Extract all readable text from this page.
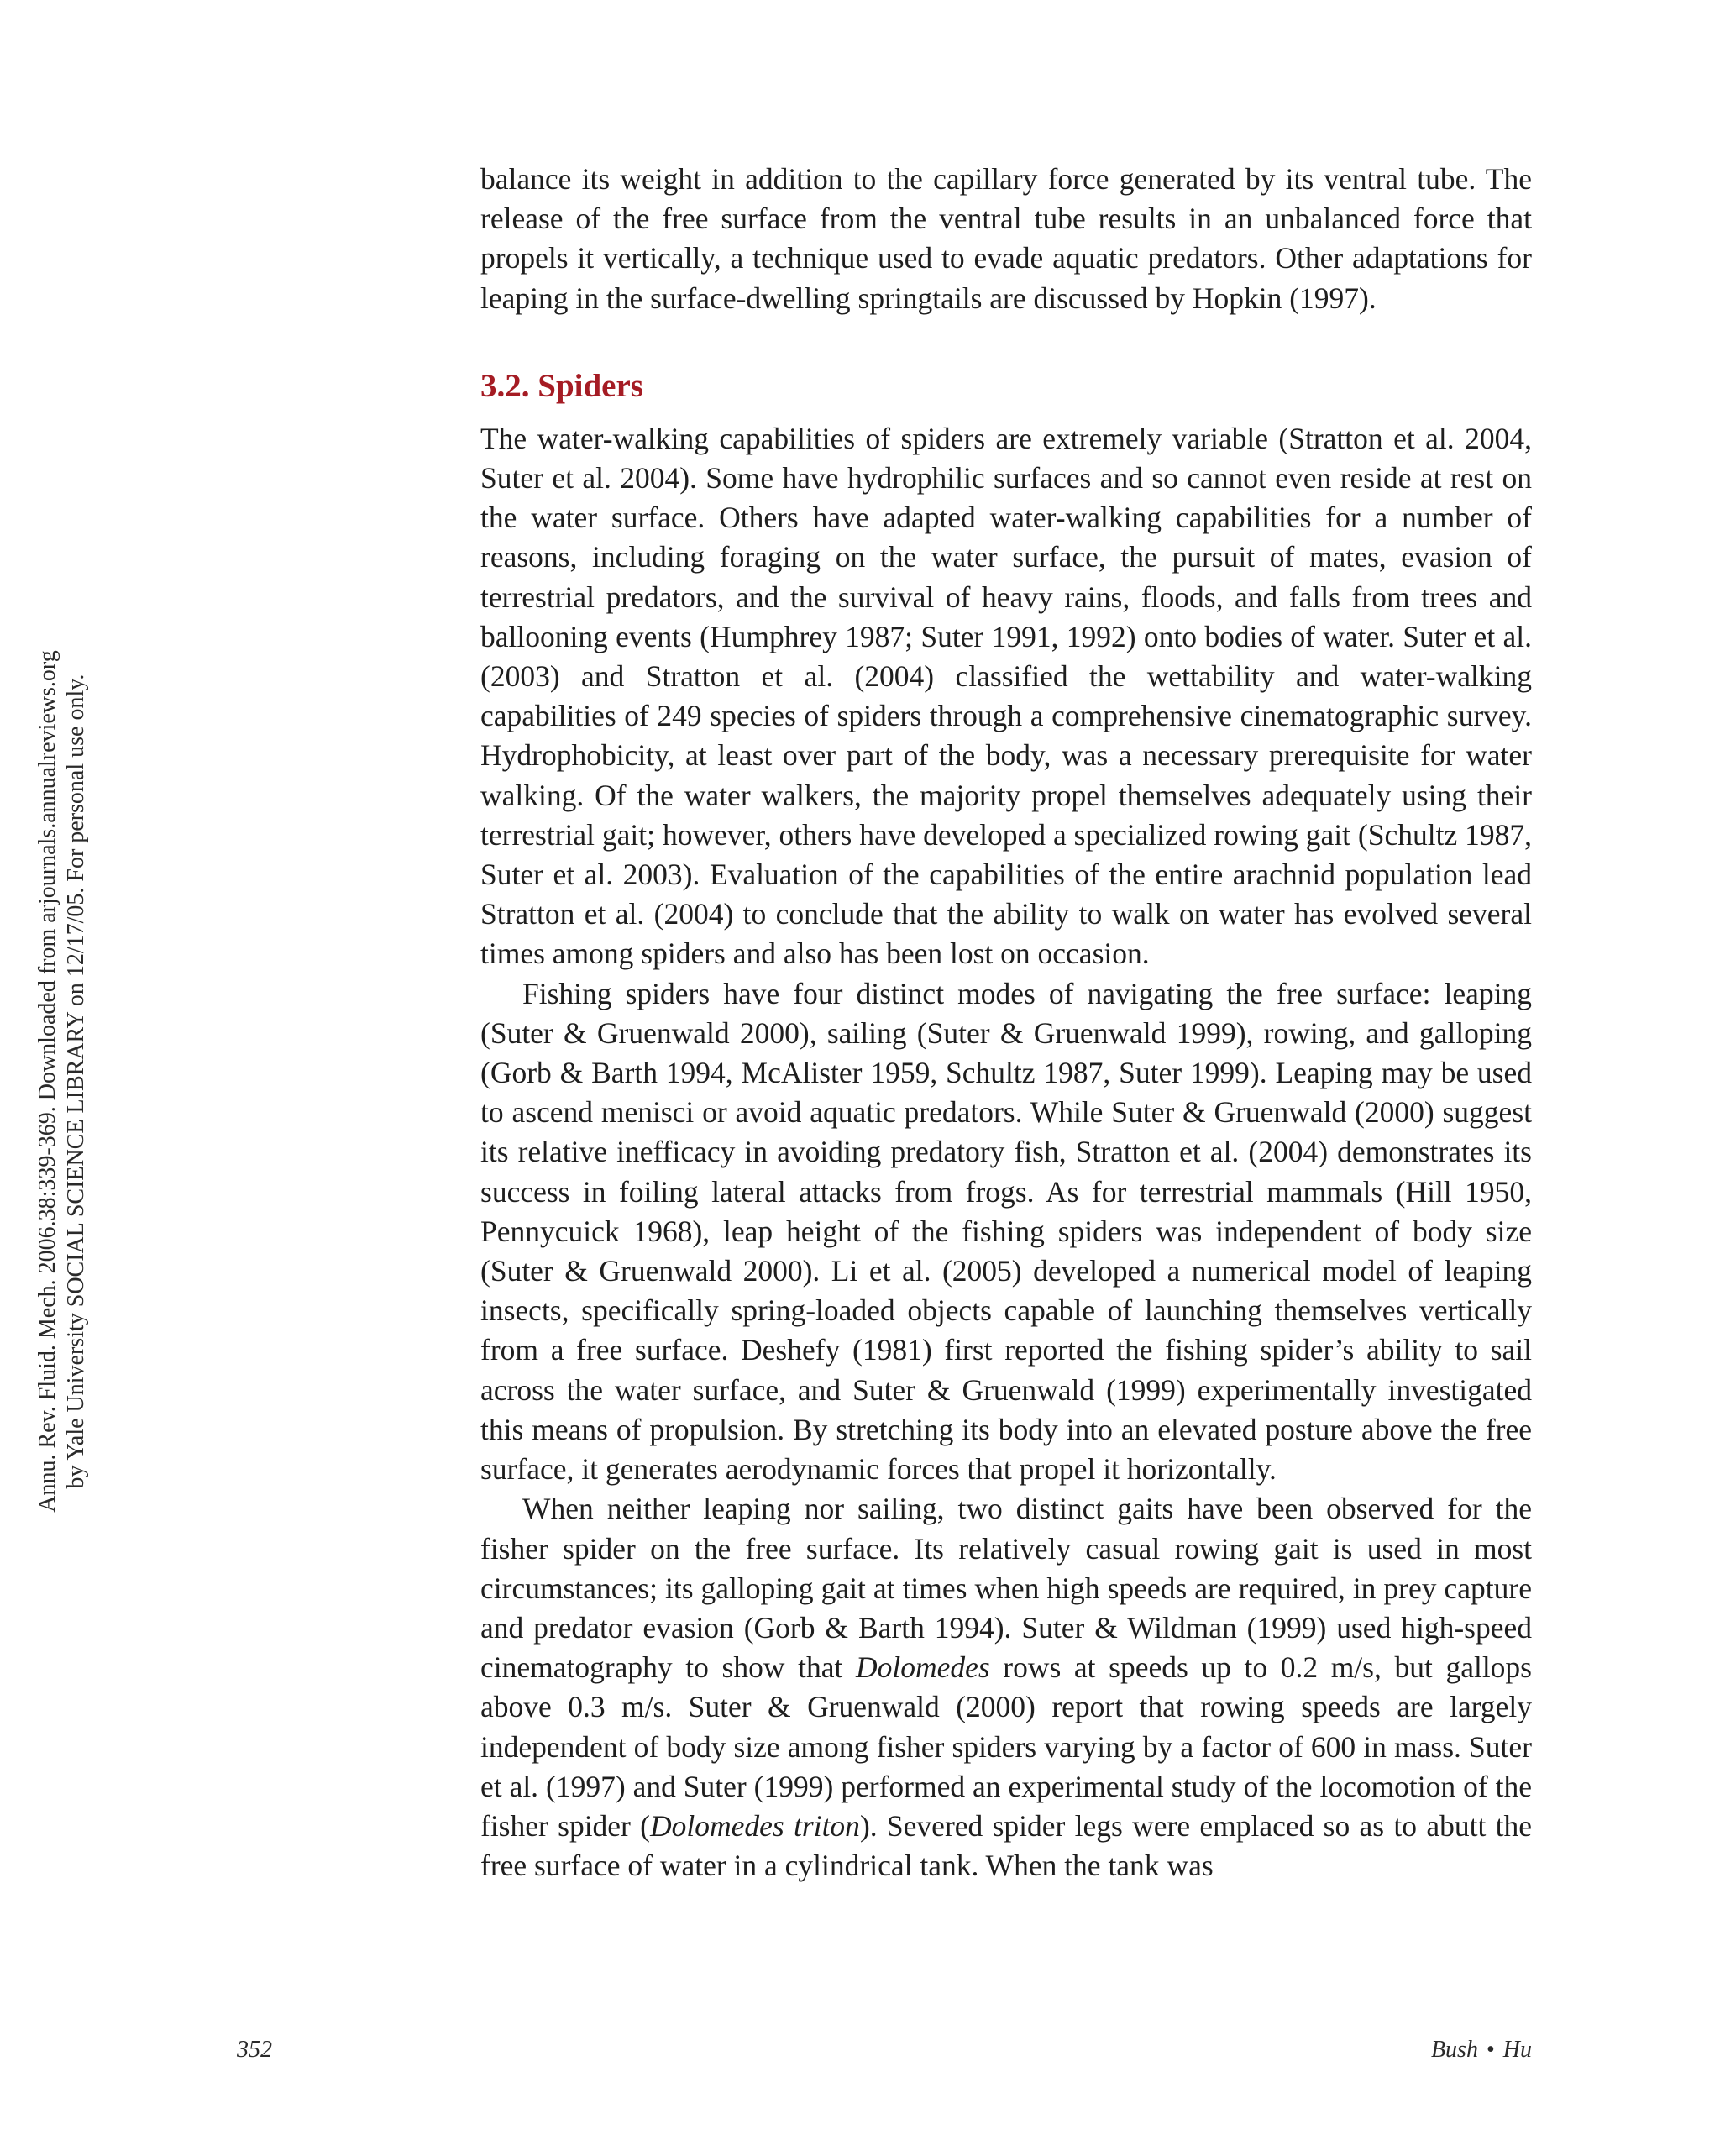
Annu. Rev. Fluid. Mech. 2006.38:339-369. Downloaded from arjournals.annualreviews.org by Yale University SOCIAL SCIENCE LIBRARY on 12/17/05. For personal use only.

balance its weight in addition to the capillary force generated by its ventral tube. The release of the free surface from the ventral tube results in an unbalanced force that propels it vertically, a technique used to evade aquatic predators. Other adaptations for leaping in the surface-dwelling springtails are discussed by Hopkin (1997).

3.2. Spiders

The water-walking capabilities of spiders are extremely variable (Stratton et al. 2004, Suter et al. 2004). Some have hydrophilic surfaces and so cannot even reside at rest on the water surface. Others have adapted water-walking capabilities for a number of reasons, including foraging on the water surface, the pursuit of mates, evasion of terrestrial predators, and the survival of heavy rains, floods, and falls from trees and ballooning events (Humphrey 1987; Suter 1991, 1992) onto bodies of water. Suter et al. (2003) and Stratton et al. (2004) classified the wettability and water-walking capabilities of 249 species of spiders through a comprehensive cinematographic survey. Hydrophobicity, at least over part of the body, was a necessary prerequisite for water walking. Of the water walkers, the majority propel themselves adequately using their terrestrial gait; however, others have developed a specialized rowing gait (Schultz 1987, Suter et al. 2003). Evaluation of the capabilities of the entire arachnid population lead Stratton et al. (2004) to conclude that the ability to walk on water has evolved several times among spiders and also has been lost on occasion.

Fishing spiders have four distinct modes of navigating the free surface: leaping (Suter & Gruenwald 2000), sailing (Suter & Gruenwald 1999), rowing, and galloping (Gorb & Barth 1994, McAlister 1959, Schultz 1987, Suter 1999). Leaping may be used to ascend menisci or avoid aquatic predators. While Suter & Gruenwald (2000) suggest its relative inefficacy in avoiding predatory fish, Stratton et al. (2004) demonstrates its success in foiling lateral attacks from frogs. As for terrestrial mammals (Hill 1950, Pennycuick 1968), leap height of the fishing spiders was independent of body size (Suter & Gruenwald 2000). Li et al. (2005) developed a numerical model of leaping insects, specifically spring-loaded objects capable of launching themselves vertically from a free surface. Deshefy (1981) first reported the fishing spider’s ability to sail across the water surface, and Suter & Gruenwald (1999) experimentally investigated this means of propulsion. By stretching its body into an elevated posture above the free surface, it generates aerodynamic forces that propel it horizontally.

When neither leaping nor sailing, two distinct gaits have been observed for the fisher spider on the free surface. Its relatively casual rowing gait is used in most circumstances; its galloping gait at times when high speeds are required, in prey capture and predator evasion (Gorb & Barth 1994). Suter & Wildman (1999) used high-speed cinematography to show that Dolomedes rows at speeds up to 0.2 m/s, but gallops above 0.3 m/s. Suter & Gruenwald (2000) report that rowing speeds are largely independent of body size among fisher spiders varying by a factor of 600 in mass. Suter et al. (1997) and Suter (1999) performed an experimental study of the locomotion of the fisher spider (Dolomedes triton). Severed spider legs were emplaced so as to abutt the free surface of water in a cylindrical tank. When the tank was

352	Bush • Hu
